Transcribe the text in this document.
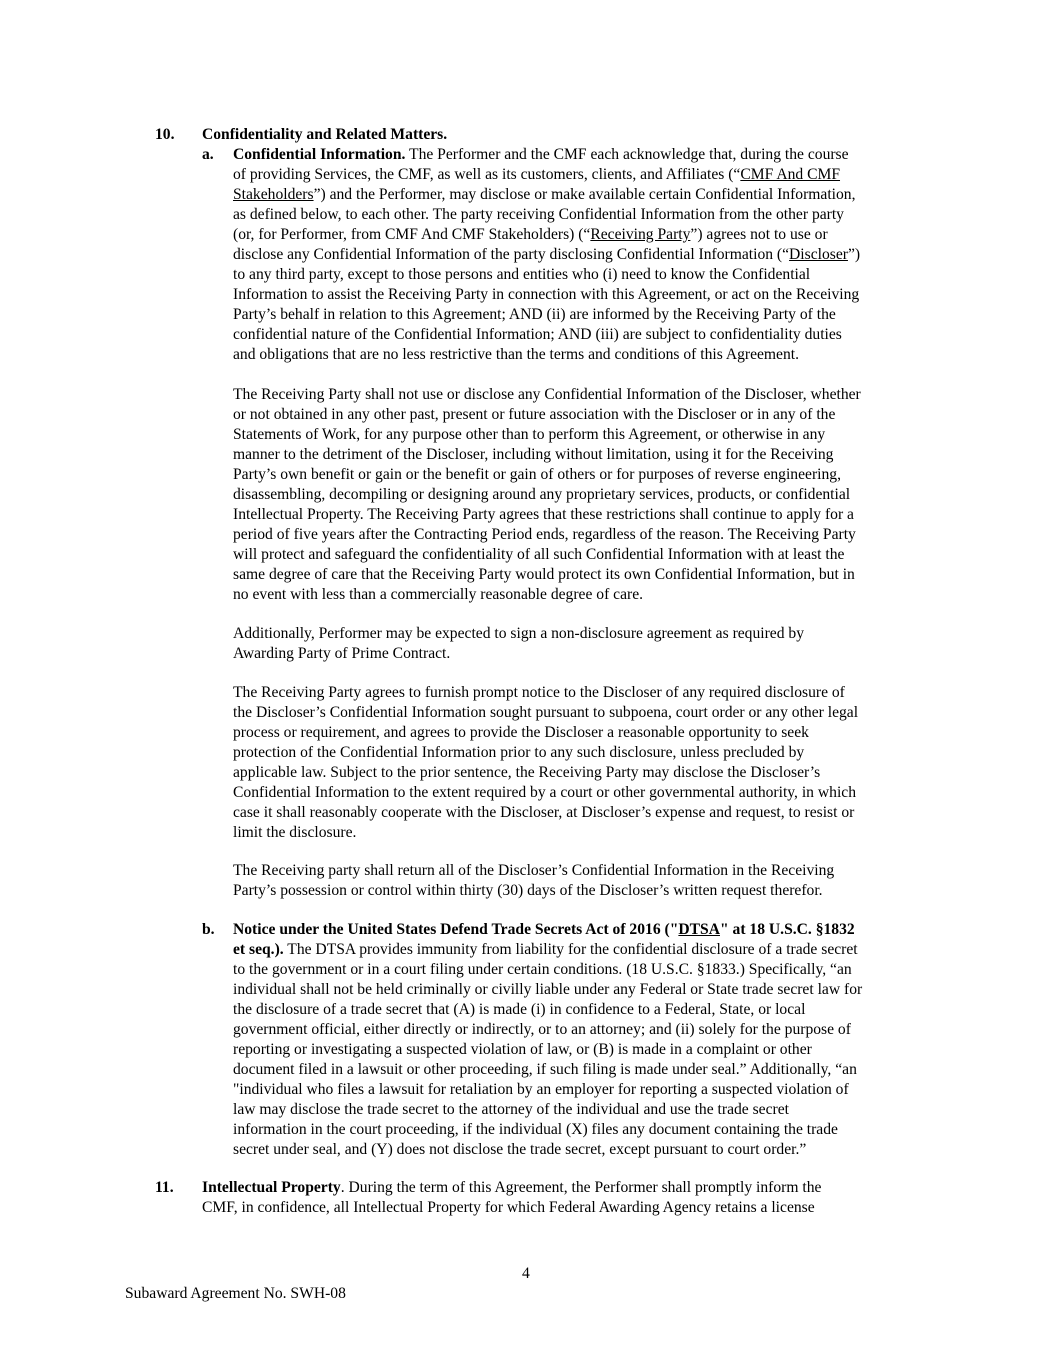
10. Confidentiality and Related Matters.
a. Confidential Information. The Performer and the CMF each acknowledge that, during the course
of providing Services, the CMF, as well as its customers, clients, and Affiliates (“CMF And CMF
Stakeholders”) and the Performer, may disclose or make available certain Confidential Information,
as defined below, to each other. The party receiving Confidential Information from the other party
(or, for Performer, from CMF And CMF Stakeholders) (“Receiving Party”) agrees not to use or
disclose any Confidential Information of the party disclosing Confidential Information (“Discloser”)
to any third party, except to those persons and entities who (i) need to know the Confidential
Information to assist the Receiving Party in connection with this Agreement, or act on the Receiving
Party’s behalf in relation to this Agreement; AND (ii) are informed by the Receiving Party of the
confidential nature of the Confidential Information; AND (iii) are subject to confidentiality duties
and obligations that are no less restrictive than the terms and conditions of this Agreement.
The Receiving Party shall not use or disclose any Confidential Information of the Discloser, whether
or not obtained in any other past, present or future association with the Discloser or in any of the
Statements of Work, for any purpose other than to perform this Agreement, or otherwise in any
manner to the detriment of the Discloser, including without limitation, using it for the Receiving
Party’s own benefit or gain or the benefit or gain of others or for purposes of reverse engineering,
disassembling, decompiling or designing around any proprietary services, products, or confidential
Intellectual Property. The Receiving Party agrees that these restrictions shall continue to apply for a
period of five years after the Contracting Period ends, regardless of the reason. The Receiving Party
will protect and safeguard the confidentiality of all such Confidential Information with at least the
same degree of care that the Receiving Party would protect its own Confidential Information, but in
no event with less than a commercially reasonable degree of care.
Additionally, Performer may be expected to sign a non-disclosure agreement as required by
Awarding Party of Prime Contract.
The Receiving Party agrees to furnish prompt notice to the Discloser of any required disclosure of
the Discloser’s Confidential Information sought pursuant to subpoena, court order or any other legal
process or requirement, and agrees to provide the Discloser a reasonable opportunity to seek
protection of the Confidential Information prior to any such disclosure, unless precluded by
applicable law. Subject to the prior sentence, the Receiving Party may disclose the Discloser’s
Confidential Information to the extent required by a court or other governmental authority, in which
case it shall reasonably cooperate with the Discloser, at Discloser’s expense and request, to resist or
limit the disclosure.
The Receiving party shall return all of the Discloser’s Confidential Information in the Receiving
Party’s possession or control within thirty (30) days of the Discloser’s written request therefor.
b. Notice under the United States Defend Trade Secrets Act of 2016 ("DTSA" at 18 U.S.C. §1832
et seq.). The DTSA provides immunity from liability for the confidential disclosure of a trade secret
to the government or in a court filing under certain conditions. (18 U.S.C. §1833.) Specifically, “an
individual shall not be held criminally or civilly liable under any Federal or State trade secret law for
the disclosure of a trade secret that (A) is made (i) in confidence to a Federal, State, or local
government official, either directly or indirectly, or to an attorney; and (ii) solely for the purpose of
reporting or investigating a suspected violation of law, or (B) is made in a complaint or other
document filed in a lawsuit or other proceeding, if such filing is made under seal.” Additionally, “an
"individual who files a lawsuit for retaliation by an employer for reporting a suspected violation of
law may disclose the trade secret to the attorney of the individual and use the trade secret
information in the court proceeding, if the individual (X) files any document containing the trade
secret under seal, and (Y) does not disclose the trade secret, except pursuant to court order.”
11. Intellectual Property. During the term of this Agreement, the Performer shall promptly inform the
CMF, in confidence, all Intellectual Property for which Federal Awarding Agency retains a license
4
Subaward Agreement No. SWH-08
